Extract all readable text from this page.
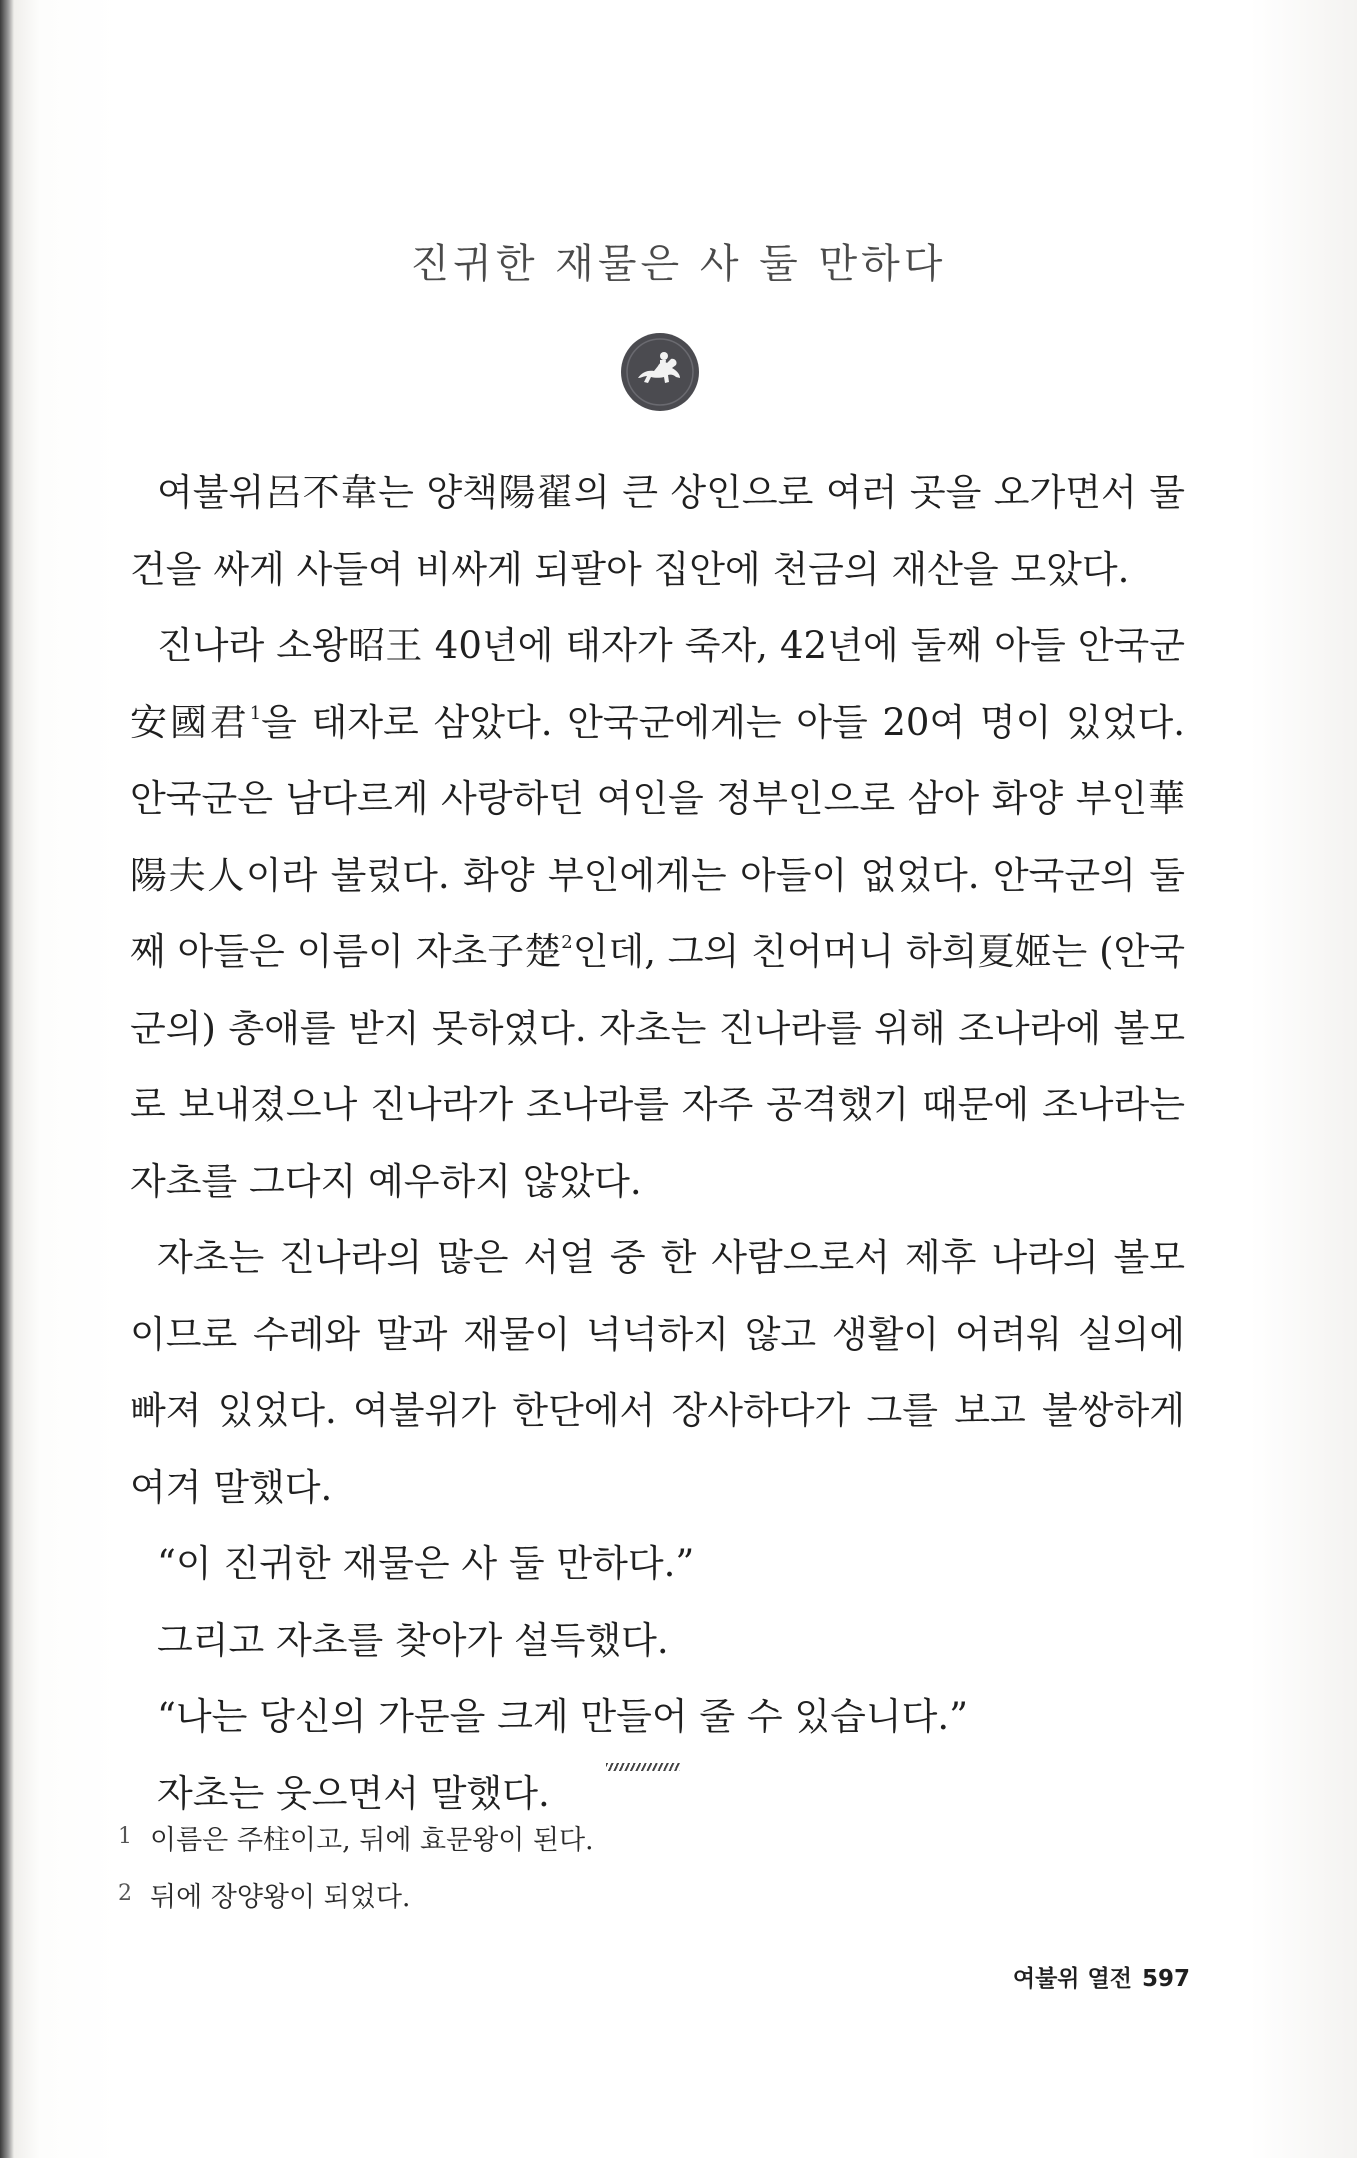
진귀한 재물은 사 둘 만하다

여불위呂不韋는 양책陽翟의 큰 상인으로 여러 곳을 오가면서 물건을 싸게 사들여 비싸게 되팔아 집안에 천금의 재산을 모았다.

진나라 소왕昭王 40년에 태자가 죽자, 42년에 둘째 아들 안국군安國君$^1$을 태자로 삼았다. 안국군에게는 아들 20여 명이 있었다. 안국군은 남다르게 사랑하던 여인을 정부인으로 삼아 화양 부인華陽夫人이라 불렀다. 화양 부인에게는 아들이 없었다. 안국군의 둘째 아들은 이름이 자초子楚$^2$인데, 그의 친어머니 하희夏姬는 (안국군의) 총애를 받지 못하였다. 자초는 진나라를 위해 조나라에 볼모로 보내졌으나 진나라가 조나라를 자주 공격했기 때문에 조나라는 자초를 그다지 예우하지 않았다.

자초는 진나라의 많은 서얼 중 한 사람으로서 제후 나라의 볼모이므로 수레와 말과 재물이 넉넉하지 않고 생활이 어려워 실의에 빠져 있었다. 여불위가 한단에서 장사하다가 그를 보고 불쌍하게 여겨 말했다.

“이 진귀한 재물은 사 둘 만하다.”

그리고 자초를 찾아가 설득했다.

“나는 당신의 가문을 크게 만들어 줄 수 있습니다.”

자초는 웃으면서 말했다.

1 이름은 주柱이고, 뒤에 효문왕이 된다.
2 뒤에 장양왕이 되었다.
여불위 열전 597
